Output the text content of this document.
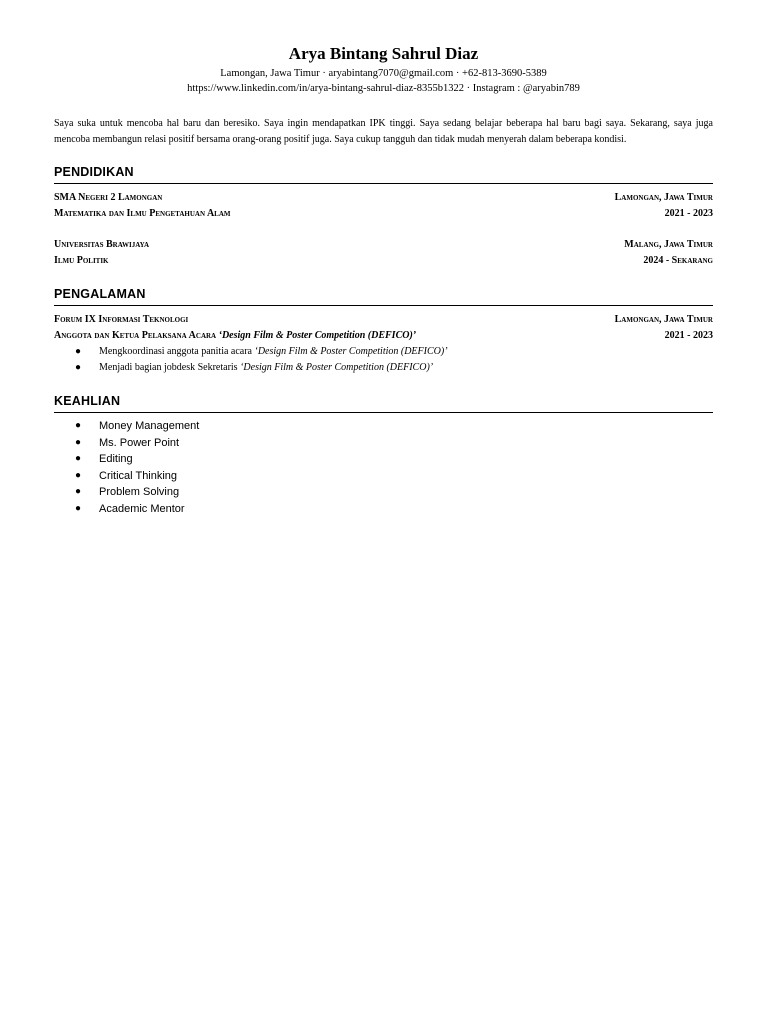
Arya Bintang Sahrul Diaz
Lamongan, Jawa Timur · aryabintang7070@gmail.com · +62-813-3690-5389
https://www.linkedin.com/in/arya-bintang-sahrul-diaz-8355b1322 · Instagram : @aryabin789
Saya suka untuk mencoba hal baru dan beresiko. Saya ingin mendapatkan IPK tinggi. Saya sedang belajar beberapa hal baru bagi saya. Sekarang, saya juga mencoba membangun relasi positif bersama orang-orang positif juga. Saya cukup tangguh dan tidak mudah menyerah dalam beberapa kondisi.
PENDIDIKAN
SMA Negeri 2 Lamongan	Lamongan, Jawa Timur
Matematika dan Ilmu Pengetahuan Alam	2021 - 2023
Universitas Brawijaya	Malang, Jawa Timur
Ilmu Politik	2024 - Sekarang
PENGALAMAN
Forum IX Informasi Teknologi	Lamongan, Jawa Timur
Anggota dan Ketua Pelaksana Acara ‘Design Film & Poster Competition (DEFICO)’	2021 - 2023
● Mengkoordinasi anggota panitia acara ‘Design Film & Poster Competition (DEFICO)’
● Menjadi bagian jobdesk Sekretaris ‘Design Film & Poster Competition (DEFICO)’
KEAHLIAN
● Money Management
● Ms. Power Point
● Editing
● Critical Thinking
● Problem Solving
● Academic Mentor
